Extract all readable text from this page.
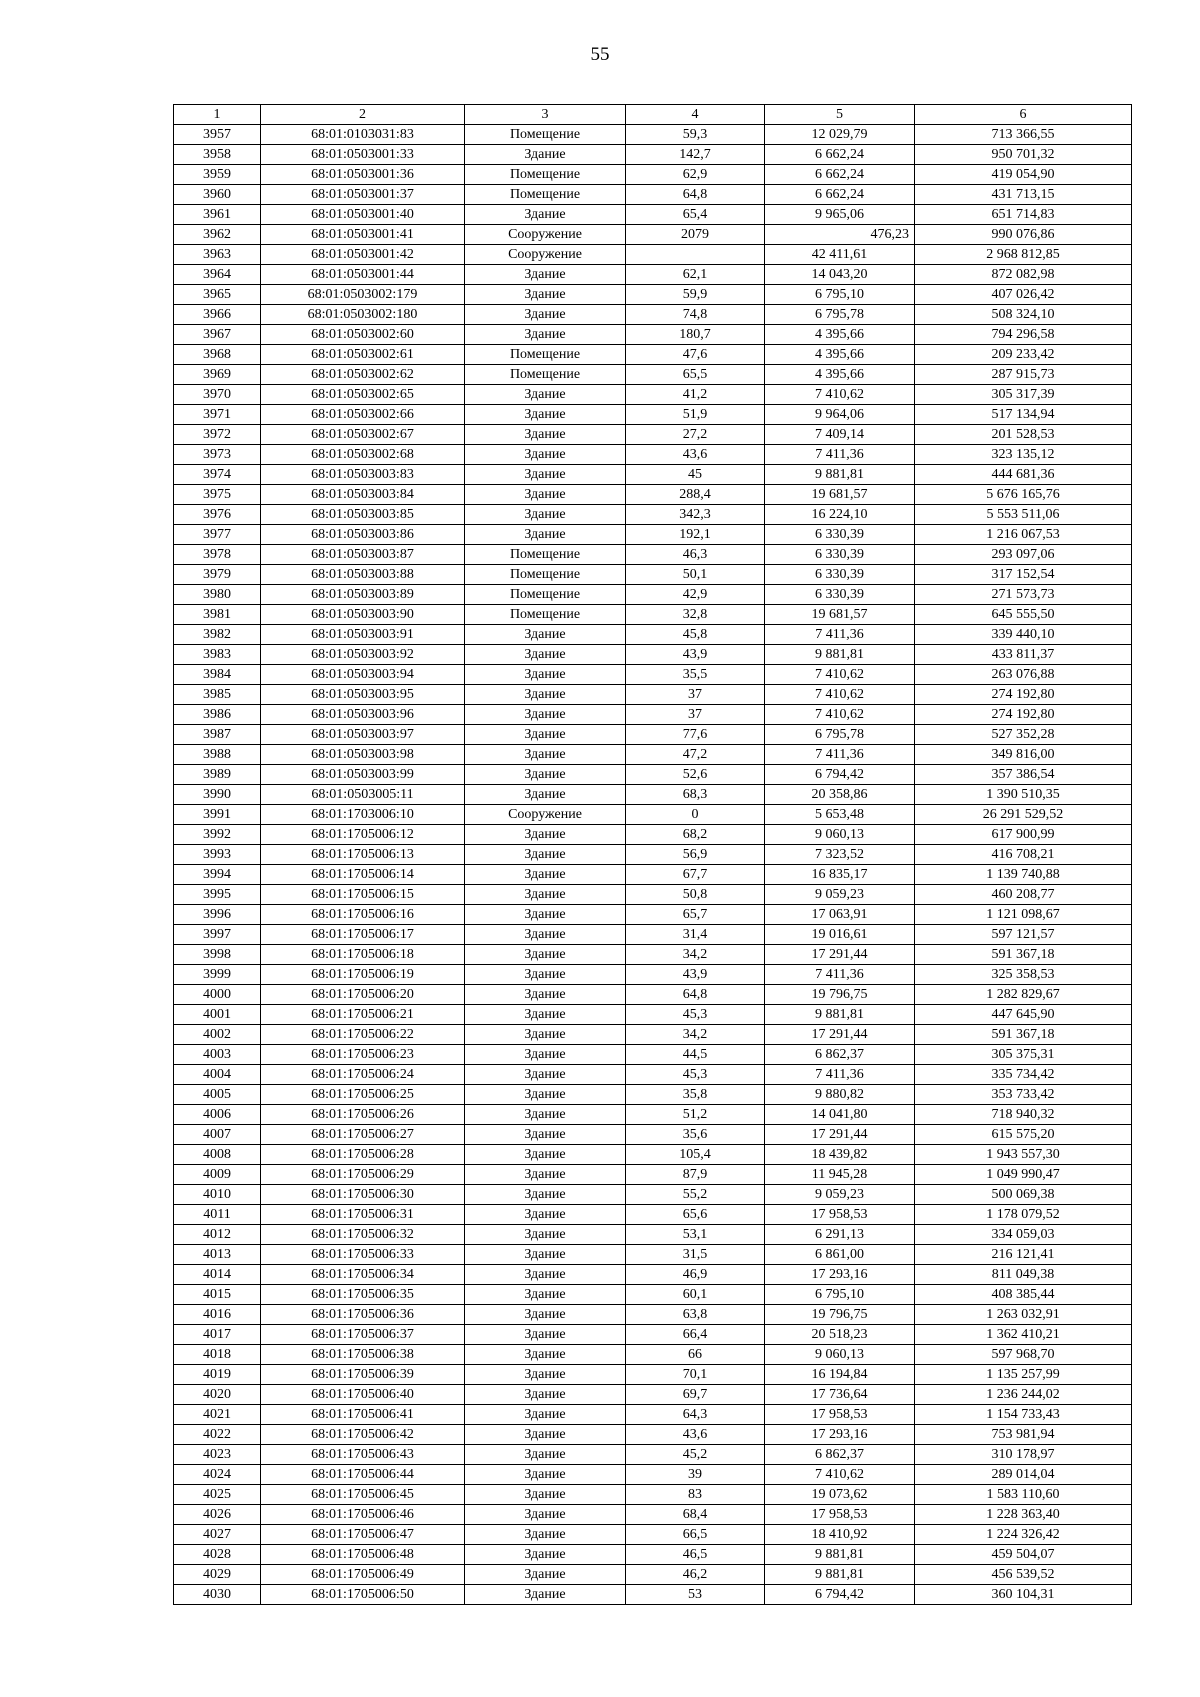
55
1	2	3	4	5	6
3957	68:01:0103031:83	Помещение	59,3	12 029,79	713 366,55
3958	68:01:0503001:33	Здание	142,7	6 662,24	950 701,32
3959	68:01:0503001:36	Помещение	62,9	6 662,24	419 054,90
3960	68:01:0503001:37	Помещение	64,8	6 662,24	431 713,15
3961	68:01:0503001:40	Здание	65,4	9 965,06	651 714,83
3962	68:01:0503001:41	Сооружение	2079	476,23	990 076,86
3963	68:01:0503001:42	Сооружение		42 411,61	2 968 812,85
3964	68:01:0503001:44	Здание	62,1	14 043,20	872 082,98
3965	68:01:0503002:179	Здание	59,9	6 795,10	407 026,42
3966	68:01:0503002:180	Здание	74,8	6 795,78	508 324,10
3967	68:01:0503002:60	Здание	180,7	4 395,66	794 296,58
3968	68:01:0503002:61	Помещение	47,6	4 395,66	209 233,42
3969	68:01:0503002:62	Помещение	65,5	4 395,66	287 915,73
3970	68:01:0503002:65	Здание	41,2	7 410,62	305 317,39
3971	68:01:0503002:66	Здание	51,9	9 964,06	517 134,94
3972	68:01:0503002:67	Здание	27,2	7 409,14	201 528,53
3973	68:01:0503002:68	Здание	43,6	7 411,36	323 135,12
3974	68:01:0503003:83	Здание	45	9 881,81	444 681,36
3975	68:01:0503003:84	Здание	288,4	19 681,57	5 676 165,76
3976	68:01:0503003:85	Здание	342,3	16 224,10	5 553 511,06
3977	68:01:0503003:86	Здание	192,1	6 330,39	1 216 067,53
3978	68:01:0503003:87	Помещение	46,3	6 330,39	293 097,06
3979	68:01:0503003:88	Помещение	50,1	6 330,39	317 152,54
3980	68:01:0503003:89	Помещение	42,9	6 330,39	271 573,73
3981	68:01:0503003:90	Помещение	32,8	19 681,57	645 555,50
3982	68:01:0503003:91	Здание	45,8	7 411,36	339 440,10
3983	68:01:0503003:92	Здание	43,9	9 881,81	433 811,37
3984	68:01:0503003:94	Здание	35,5	7 410,62	263 076,88
3985	68:01:0503003:95	Здание	37	7 410,62	274 192,80
3986	68:01:0503003:96	Здание	37	7 410,62	274 192,80
3987	68:01:0503003:97	Здание	77,6	6 795,78	527 352,28
3988	68:01:0503003:98	Здание	47,2	7 411,36	349 816,00
3989	68:01:0503003:99	Здание	52,6	6 794,42	357 386,54
3990	68:01:0503005:11	Здание	68,3	20 358,86	1 390 510,35
3991	68:01:1703006:10	Сооружение	0	5 653,48	26 291 529,52
3992	68:01:1705006:12	Здание	68,2	9 060,13	617 900,99
3993	68:01:1705006:13	Здание	56,9	7 323,52	416 708,21
3994	68:01:1705006:14	Здание	67,7	16 835,17	1 139 740,88
3995	68:01:1705006:15	Здание	50,8	9 059,23	460 208,77
3996	68:01:1705006:16	Здание	65,7	17 063,91	1 121 098,67
3997	68:01:1705006:17	Здание	31,4	19 016,61	597 121,57
3998	68:01:1705006:18	Здание	34,2	17 291,44	591 367,18
3999	68:01:1705006:19	Здание	43,9	7 411,36	325 358,53
4000	68:01:1705006:20	Здание	64,8	19 796,75	1 282 829,67
4001	68:01:1705006:21	Здание	45,3	9 881,81	447 645,90
4002	68:01:1705006:22	Здание	34,2	17 291,44	591 367,18
4003	68:01:1705006:23	Здание	44,5	6 862,37	305 375,31
4004	68:01:1705006:24	Здание	45,3	7 411,36	335 734,42
4005	68:01:1705006:25	Здание	35,8	9 880,82	353 733,42
4006	68:01:1705006:26	Здание	51,2	14 041,80	718 940,32
4007	68:01:1705006:27	Здание	35,6	17 291,44	615 575,20
4008	68:01:1705006:28	Здание	105,4	18 439,82	1 943 557,30
4009	68:01:1705006:29	Здание	87,9	11 945,28	1 049 990,47
4010	68:01:1705006:30	Здание	55,2	9 059,23	500 069,38
4011	68:01:1705006:31	Здание	65,6	17 958,53	1 178 079,52
4012	68:01:1705006:32	Здание	53,1	6 291,13	334 059,03
4013	68:01:1705006:33	Здание	31,5	6 861,00	216 121,41
4014	68:01:1705006:34	Здание	46,9	17 293,16	811 049,38
4015	68:01:1705006:35	Здание	60,1	6 795,10	408 385,44
4016	68:01:1705006:36	Здание	63,8	19 796,75	1 263 032,91
4017	68:01:1705006:37	Здание	66,4	20 518,23	1 362 410,21
4018	68:01:1705006:38	Здание	66	9 060,13	597 968,70
4019	68:01:1705006:39	Здание	70,1	16 194,84	1 135 257,99
4020	68:01:1705006:40	Здание	69,7	17 736,64	1 236 244,02
4021	68:01:1705006:41	Здание	64,3	17 958,53	1 154 733,43
4022	68:01:1705006:42	Здание	43,6	17 293,16	753 981,94
4023	68:01:1705006:43	Здание	45,2	6 862,37	310 178,97
4024	68:01:1705006:44	Здание	39	7 410,62	289 014,04
4025	68:01:1705006:45	Здание	83	19 073,62	1 583 110,60
4026	68:01:1705006:46	Здание	68,4	17 958,53	1 228 363,40
4027	68:01:1705006:47	Здание	66,5	18 410,92	1 224 326,42
4028	68:01:1705006:48	Здание	46,5	9 881,81	459 504,07
4029	68:01:1705006:49	Здание	46,2	9 881,81	456 539,52
4030	68:01:1705006:50	Здание	53	6 794,42	360 104,31
